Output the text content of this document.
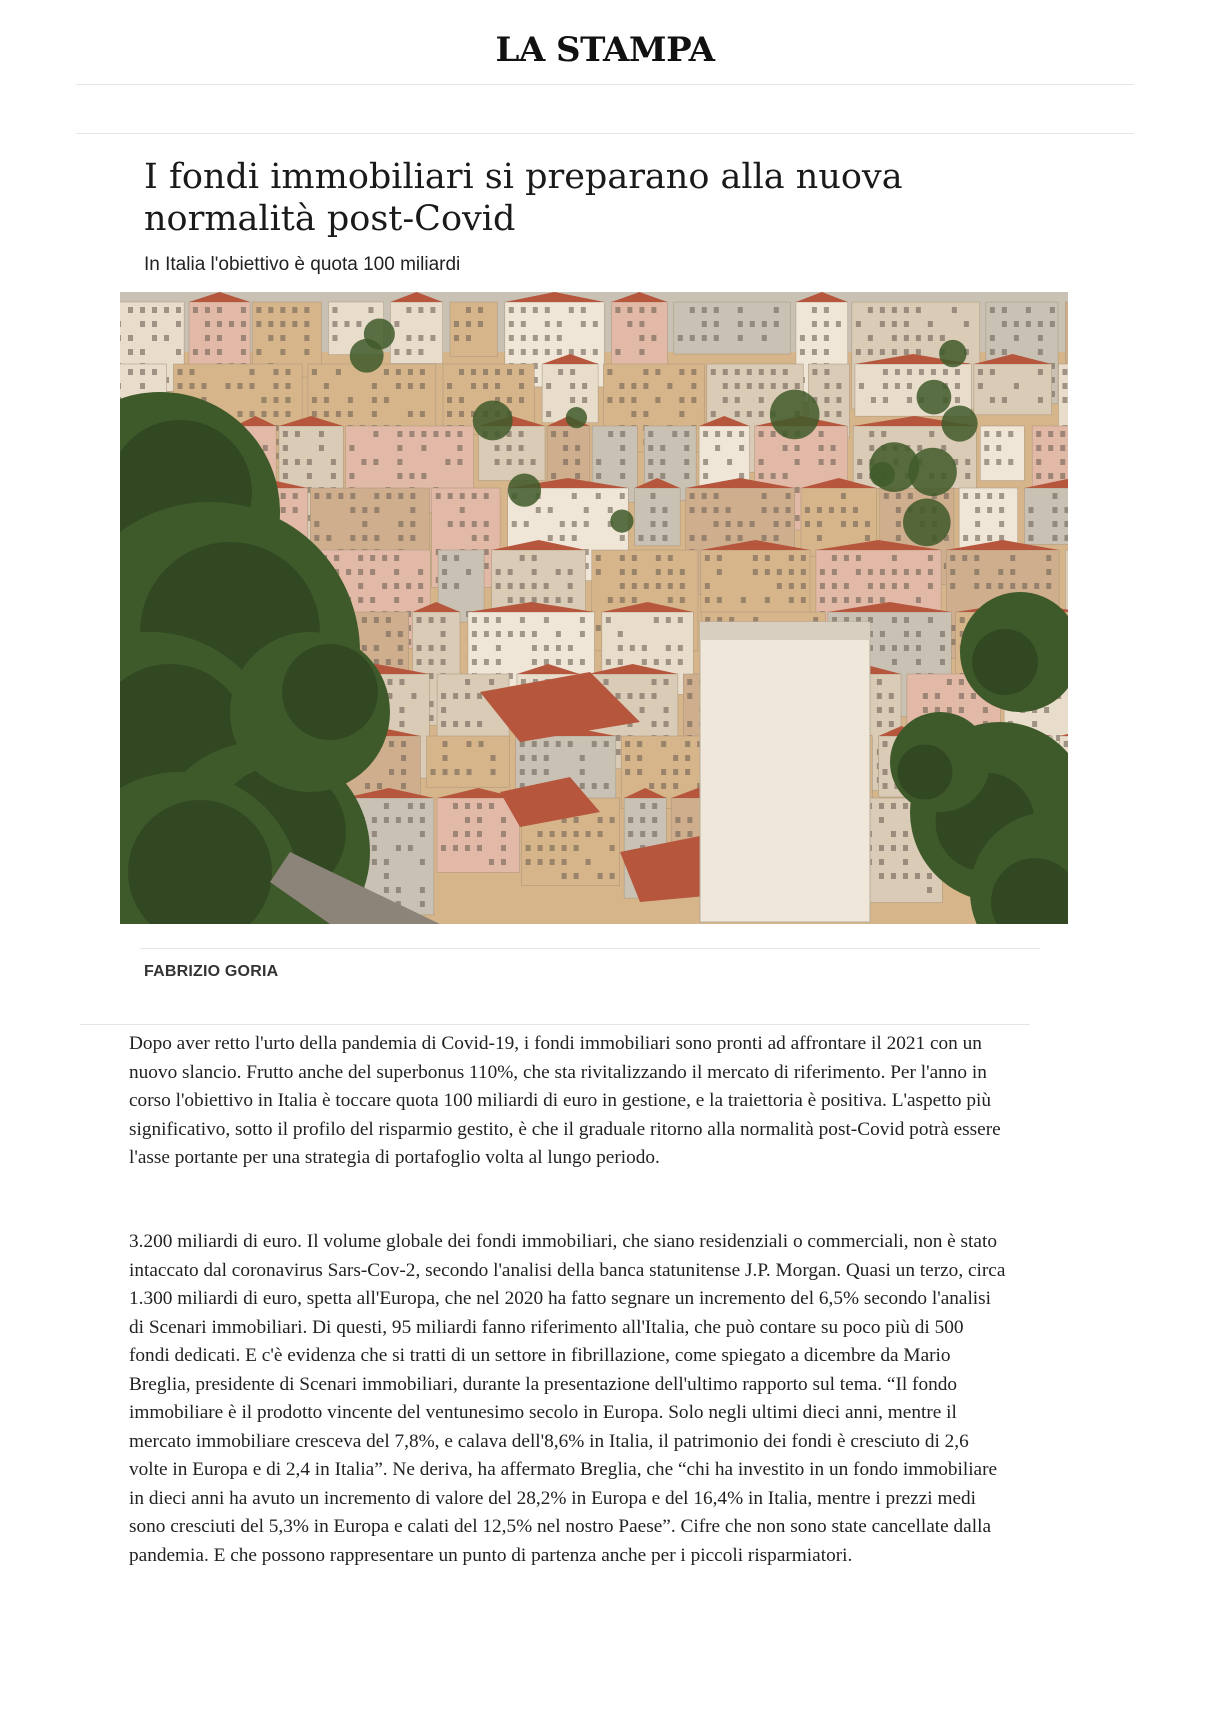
LA STAMPA
I fondi immobiliari si preparano alla nuova normalità post-Covid
In Italia l'obiettivo è quota 100 miliardi
FABRIZIO GORIA

Dopo aver retto l'urto della pandemia di Covid-19, i fondi immobiliari sono pronti ad affrontare il 2021 con un nuovo slancio. Frutto anche del superbonus 110%, che sta rivitalizzando il mercato di riferimento. Per l'anno in corso l'obiettivo in Italia è toccare quota 100 miliardi di euro in gestione, e la traiettoria è positiva. L'aspetto più significativo, sotto il profilo del risparmio gestito, è che il graduale ritorno alla normalità post-Covid potrà essere l'asse portante per una strategia di portafoglio volta al lungo periodo.

3.200 miliardi di euro. Il volume globale dei fondi immobiliari, che siano residenziali o commerciali, non è stato intaccato dal coronavirus Sars-Cov-2, secondo l'analisi della banca statunitense J.P. Morgan. Quasi un terzo, circa 1.300 miliardi di euro, spetta all'Europa, che nel 2020 ha fatto segnare un incremento del 6,5% secondo l'analisi di Scenari immobiliari. Di questi, 95 miliardi fanno riferimento all'Italia, che può contare su poco più di 500 fondi dedicati. E c'è evidenza che si tratti di un settore in fibrillazione, come spiegato a dicembre da Mario Breglia, presidente di Scenari immobiliari, durante la presentazione dell'ultimo rapporto sul tema. “Il fondo immobiliare è il prodotto vincente del ventunesimo secolo in Europa. Solo negli ultimi dieci anni, mentre il mercato immobiliare cresceva del 7,8%, e calava dell'8,6% in Italia, il patrimonio dei fondi è cresciuto di 2,6 volte in Europa e di 2,4 in Italia”. Ne deriva, ha affermato Breglia, che “chi ha investito in un fondo immobiliare in dieci anni ha avuto un incremento di valore del 28,2% in Europa e del 16,4% in Italia, mentre i prezzi medi sono cresciuti del 5,3% in Europa e calati del 12,5% nel nostro Paese”. Cifre che non sono state cancellate dalla pandemia. E che possono rappresentare un punto di partenza anche per i piccoli risparmiatori.
